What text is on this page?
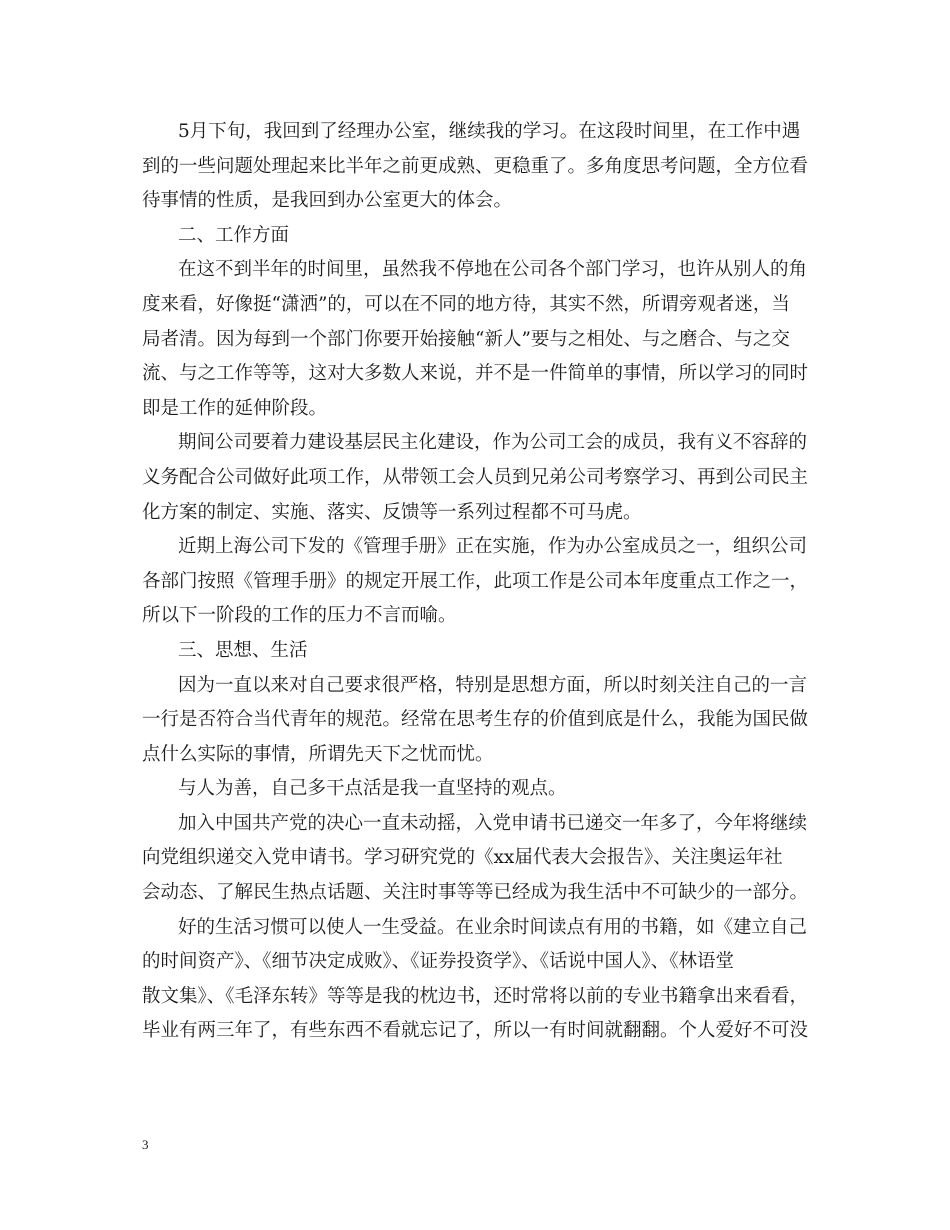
5月下旬，我回到了经理办公室，继续我的学习。在这段时间里，在工作中遇
到的一些问题处理起来比半年之前更成熟、更稳重了。多角度思考问题，全方位看
待事情的性质，是我回到办公室更大的体会。
二、工作方面
在这不到半年的时间里，虽然我不停地在公司各个部门学习，也许从别人的角
度来看，好像挺“潇洒”的，可以在不同的地方待，其实不然，所谓旁观者迷，当
局者清。因为每到一个部门你要开始接触“新人”要与之相处、与之磨合、与之交
流、与之工作等等，这对大多数人来说，并不是一件简单的事情，所以学习的同时
即是工作的延伸阶段。
期间公司要着力建设基层民主化建设，作为公司工会的成员，我有义不容辞的
义务配合公司做好此项工作，从带领工会人员到兄弟公司考察学习、再到公司民主
化方案的制定、实施、落实、反馈等一系列过程都不可马虎。
近期上海公司下发的《管理手册》正在实施，作为办公室成员之一，组织公司
各部门按照《管理手册》的规定开展工作，此项工作是公司本年度重点工作之一，
所以下一阶段的工作的压力不言而喻。
三、思想、生活
因为一直以来对自己要求很严格，特别是思想方面，所以时刻关注自己的一言
一行是否符合当代青年的规范。经常在思考生存的价值到底是什么，我能为国民做
点什么实际的事情，所谓先天下之忧而忧。
与人为善，自己多干点活是我一直坚持的观点。
加入中国共产党的决心一直未动摇，入党申请书已递交一年多了，今年将继续
向党组织递交入党申请书。学习研究党的《xx届代表大会报告》、关注奥运年社
会动态、了解民生热点话题、关注时事等等已经成为我生活中不可缺少的一部分。
好的生活习惯可以使人一生受益。在业余时间读点有用的书籍，如《建立自己
的时间资产》、《细节决定成败》、《证券投资学》、《话说中国人》、《林语堂
散文集》、《毛泽东转》等等是我的枕边书，还时常将以前的专业书籍拿出来看看，
毕业有两三年了，有些东西不看就忘记了，所以一有时间就翻翻。个人爱好不可没
3
